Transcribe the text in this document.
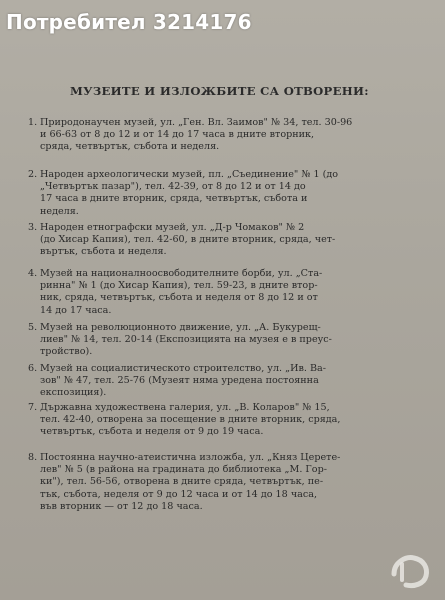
Потребител 3214176
МУЗЕИТЕ И ИЗЛОЖБИТЕ СА ОТВОРЕНИ:
1. Природонаучен музей, ул. „Ген. Вл. Заимов" № 34, тел. 30-96
и 66-63 от 8 до 12 и от 14 до 17 часа в дните вторник,
сряда, четвъртък, събота и неделя.
2. Народен археологически музей, пл. „Съединение" № 1 (до
„Четвъртък пазар"), тел. 42-39, от 8 до 12 и от 14 до
17 часа в дните вторник, сряда, четвъртък, събота и
неделя.
3. Народен етнографски музей, ул. „Д-р Чомаков" № 2
(до Хисар Капия), тел. 42-60, в дните вторник, сряда, чет-
въртък, събота и неделя.
4. Музей на националноосвободителните борби, ул. „Ста-
ринна" № 1 (до Хисар Капия), тел. 59-23, в дните втор-
ник, сряда, четвъртък, събота и неделя от 8 до 12 и от
14 до 17 часа.
5. Музей на революционното движение, ул. „А. Букурещ-
лиев" № 14, тел. 20-14 (Експозицията на музея е в преус-
тройство).
6. Музей на социалистическото строителство, ул. „Ив. Ва-
зов" № 47, тел. 25-76 (Музеят няма уредена постоянна
експозиция).
7. Държавна художествена галерия, ул. „В. Коларов" № 15,
тел. 42-40, отворена за посещение в дните вторник, сряда,
четвъртък, събота и неделя от 9 до 19 часа.
8. Постоянна научно-атеистична изложба, ул. „Княз Церете-
лев" № 5 (в района на градината до библиотека „М. Гор-
ки"), тел. 56-56, отворена в дните сряда, четвъртък, пе-
тък, събота, неделя от 9 до 12 часа и от 14 до 18 часа,
във вторник — от 12 до 18 часа.
